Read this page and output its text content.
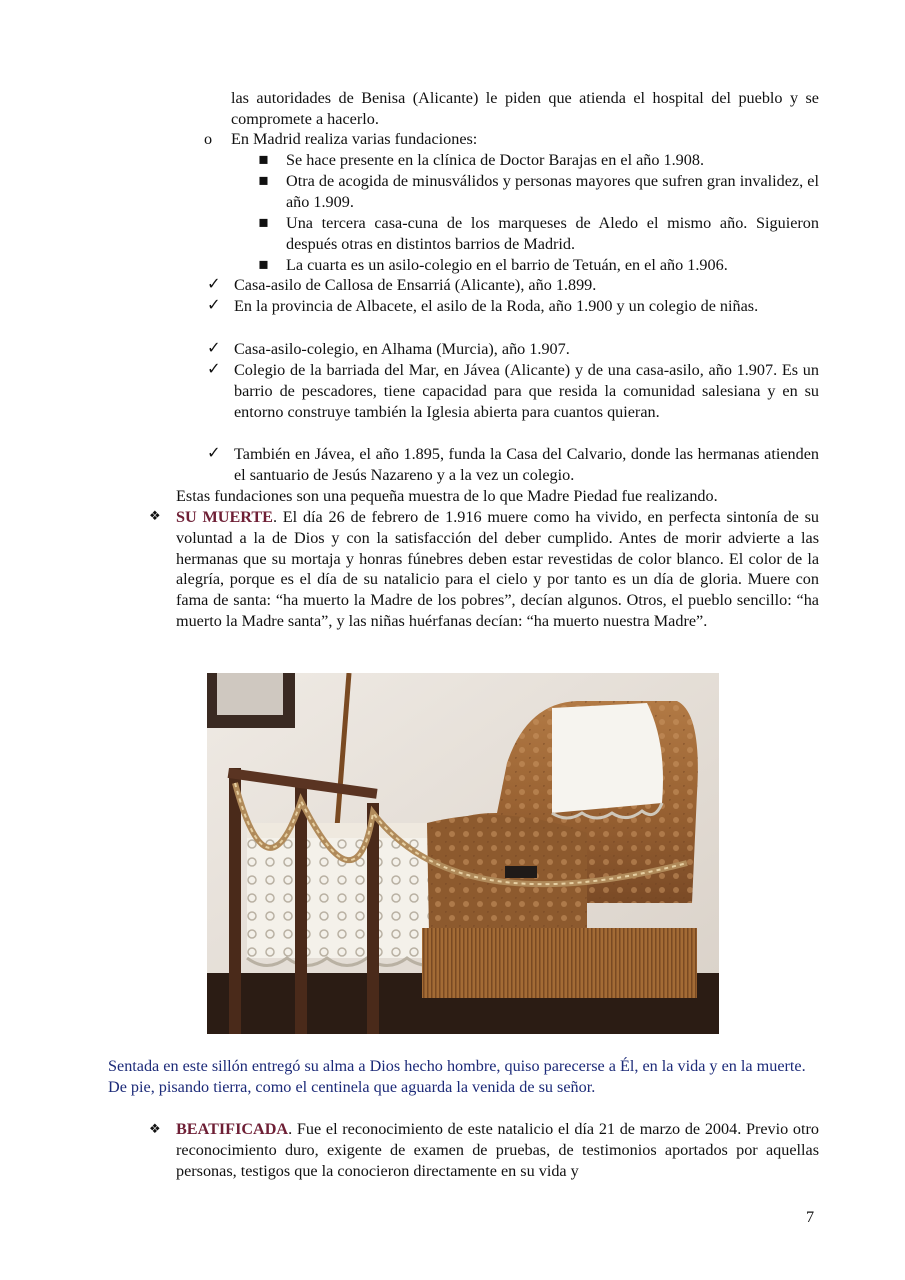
las autoridades de Benisa (Alicante) le piden que atienda el hospital del pueblo y se compromete a hacerlo.
o En Madrid realiza varias fundaciones:
▪ Se hace presente en la clínica de Doctor Barajas en el año 1.908.
▪ Otra de acogida de minusválidos y personas mayores que sufren gran invalidez, el año 1.909.
▪ Una tercera casa-cuna de los marqueses de Aledo el mismo año. Siguieron después otras en distintos barrios de Madrid.
▪ La cuarta es un asilo-colegio en el barrio de Tetuán, en el año 1.906.
✓ Casa-asilo de Callosa de Ensarriá (Alicante), año 1.899.
✓ En la provincia de Albacete, el asilo de la Roda, año 1.900 y un colegio de niñas.
✓ Casa-asilo-colegio, en Alhama (Murcia), año 1.907.
✓ Colegio de la barriada del Mar, en Jávea (Alicante) y de una casa-asilo, año 1.907. Es un barrio de pescadores, tiene capacidad para que resida la comunidad salesiana y en su entorno construye también la Iglesia abierta para cuantos quieran.
✓ También en Jávea, el año 1.895, funda la Casa del Calvario, donde las hermanas atienden el santuario de Jesús Nazareno y a la vez un colegio.
Estas fundaciones son una pequeña muestra de lo que Madre Piedad fue realizando.
❖ SU MUERTE. El día 26 de febrero de 1.916 muere como ha vivido, en perfecta sintonía de su voluntad a la de Dios y con la satisfacción del deber cumplido. Antes de morir advierte a las hermanas que su mortaja y honras fúnebres deben estar revestidas de color blanco. El color de la alegría, porque es el día de su natalicio para el cielo y por tanto es un día de gloria. Muere con fama de santa: “ha muerto la Madre de los pobres”, decían algunos. Otros, el pueblo sencillo: “ha muerto la Madre santa”, y las niñas huérfanas decían: “ha muerto nuestra Madre”.
Sentada en este sillón entregó su alma a Dios hecho hombre, quiso parecerse a Él, en la vida y en la muerte. De pie, pisando tierra, como el centinela que aguarda la venida de su señor.
❖ BEATIFICADA. Fue el reconocimiento de este natalicio el día 21 de marzo de 2004. Previo otro reconocimiento duro, exigente de examen de pruebas, de testimonios aportados por aquellas personas, testigos que la conocieron directamente en su vida y
7
